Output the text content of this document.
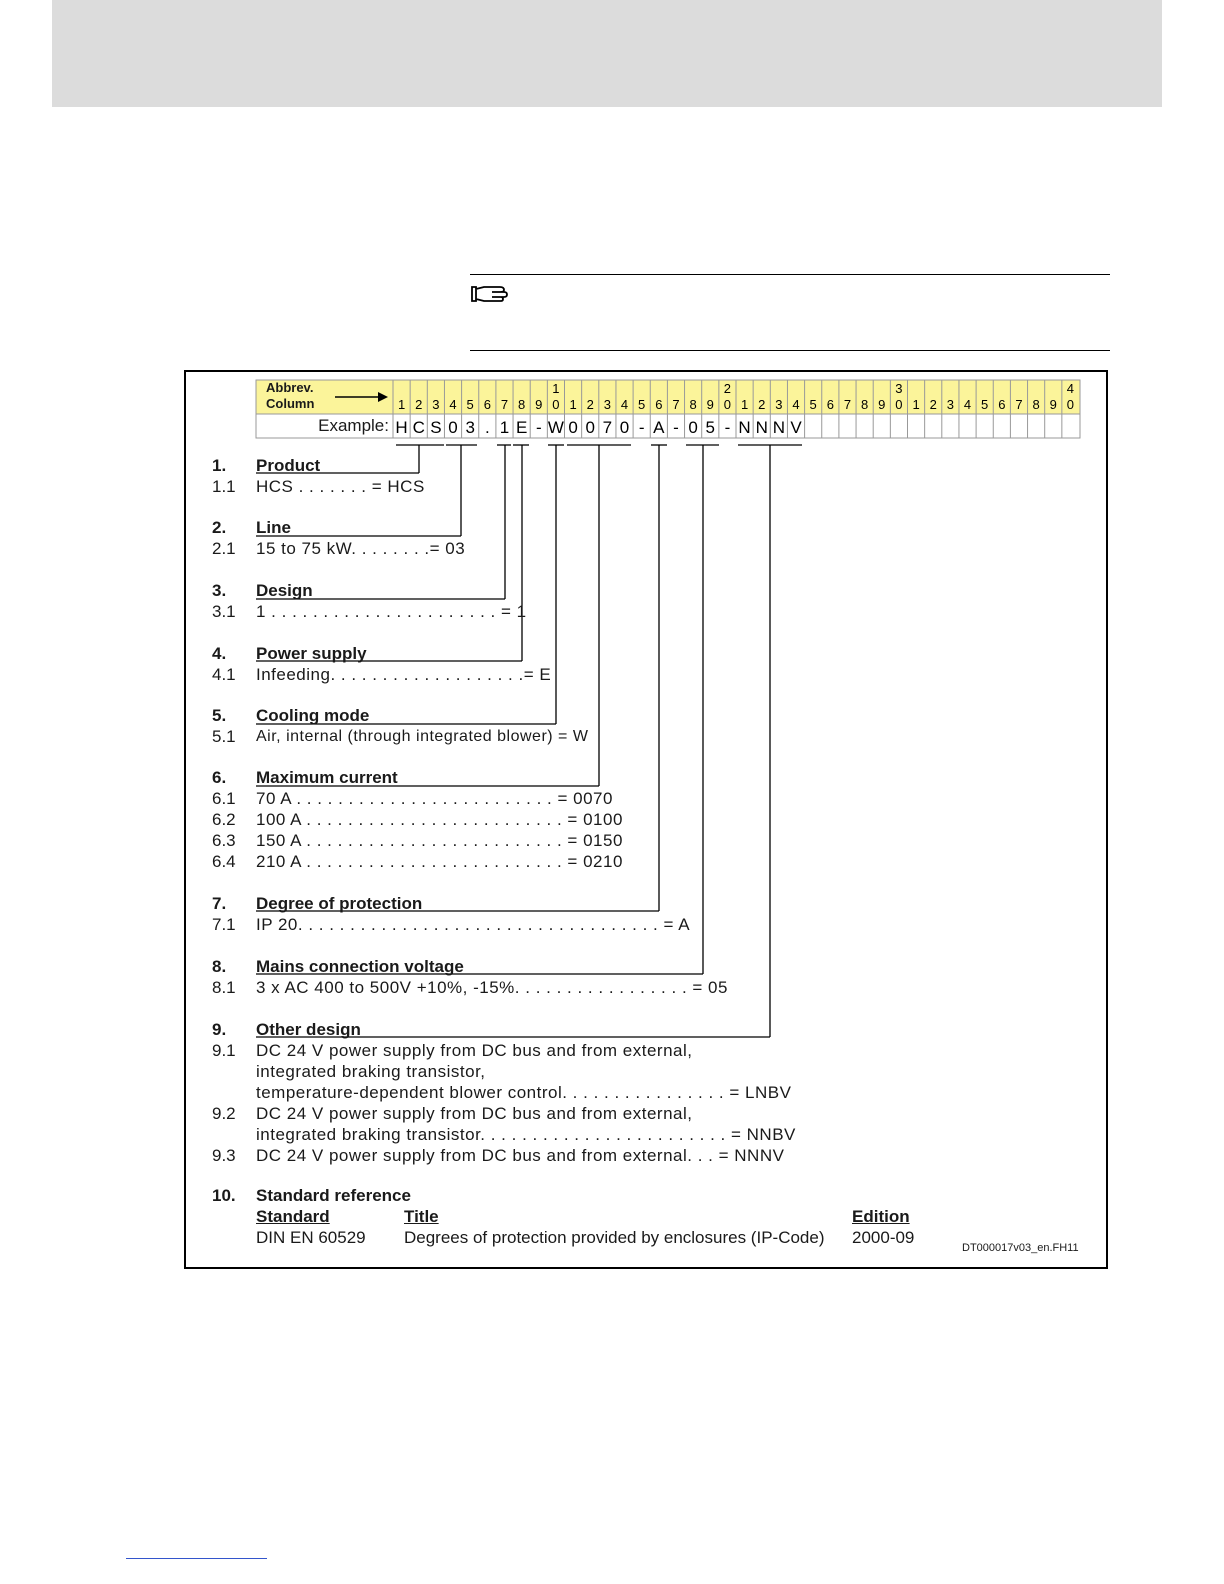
Abbrev.
Column
Example:
1
H
2
C
3
S
4
0
5
3
6
.
7
1
8
E
9
-
0
1
W
1
0
2
0
3
7
4
0
5
-
6
A
7
-
8
0
9
5
0
2
-
1
N
2
N
3
N
4
V
5 6 7 8 9 0
3
1 2 3 4 5 6 7 8 9 0
4
1. Product
1.1 HCS . . . . . . . = HCS
2. Line
2.1 15 to 75 kW. . . . . . . .= 03
3. Design
3.1 1 . . . . . . . . . . . . . . . . . . . . . . = 1
4. Power supply
4.1 Infeeding. . . . . . . . . . . . . . . . . . .= E
5. Cooling mode
5.1 Air, internal (through integrated blower) = W
6. Maximum current
6.1 70 A . . . . . . . . . . . . . . . . . . . . . . . . . = 0070
6.2 100 A . . . . . . . . . . . . . . . . . . . . . . . . . = 0100
6.3 150 A . . . . . . . . . . . . . . . . . . . . . . . . . = 0150
6.4 210 A . . . . . . . . . . . . . . . . . . . . . . . . . = 0210
7. Degree of protection
7.1 IP 20. . . . . . . . . . . . . . . . . . . . . . . . . . . . . . . . . . . = A
8. Mains connection voltage
8.1 3 x AC 400 to 500V +10%, -15%. . . . . . . . . . . . . . . . . = 05
9. Other design
9.1 DC 24 V power supply from DC bus and from external,
integrated braking transistor,
temperature-dependent blower control. . . . . . . . . . . . . . . . = LNBV
9.2 DC 24 V power supply from DC bus and from external,
integrated braking transistor. . . . . . . . . . . . . . . . . . . . . . . . = NNBV
9.3 DC 24 V power supply from DC bus and from external. . . = NNNV
10. Standard reference
Standard	Title	Edition
DIN EN 60529 Degrees of protection provided by enclosures (IP-Code) 2000-09
DT000017v03_en.FH11
